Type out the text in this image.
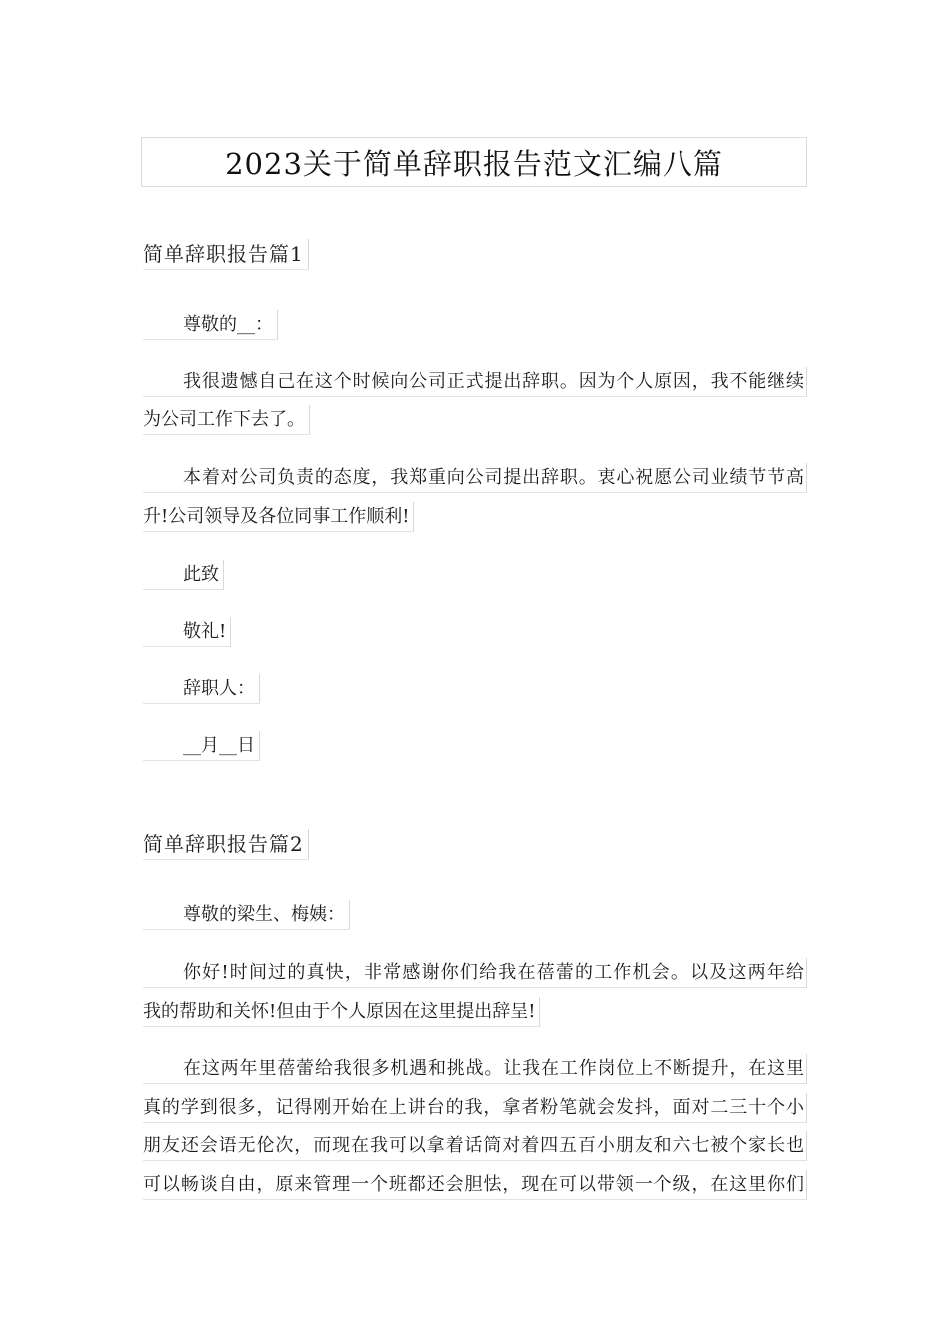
2023关于简单辞职报告范文汇编八篇
简单辞职报告篇1
尊敬的__：
我很遗憾自己在这个时候向公司正式提出辞职。因为个人原因，我不能继续
为公司工作下去了。
本着对公司负责的态度，我郑重向公司提出辞职。衷心祝愿公司业绩节节高
升!公司领导及各位同事工作顺利!
此致
敬礼!
辞职人：
__月__日
简单辞职报告篇2
尊敬的梁生、梅姨：
你好!时间过的真快，非常感谢你们给我在蓓蕾的工作机会。以及这两年给
我的帮助和关怀!但由于个人原因在这里提出辞呈!
在这两年里蓓蕾给我很多机遇和挑战。让我在工作岗位上不断提升，在这里
真的学到很多，记得刚开始在上讲台的我，拿者粉笔就会发抖，面对二三十个小
朋友还会语无伦次，而现在我可以拿着话筒对着四五百小朋友和六七被个家长也
可以畅谈自由，原来管理一个班都还会胆怯，现在可以带领一个级，在这里你们
